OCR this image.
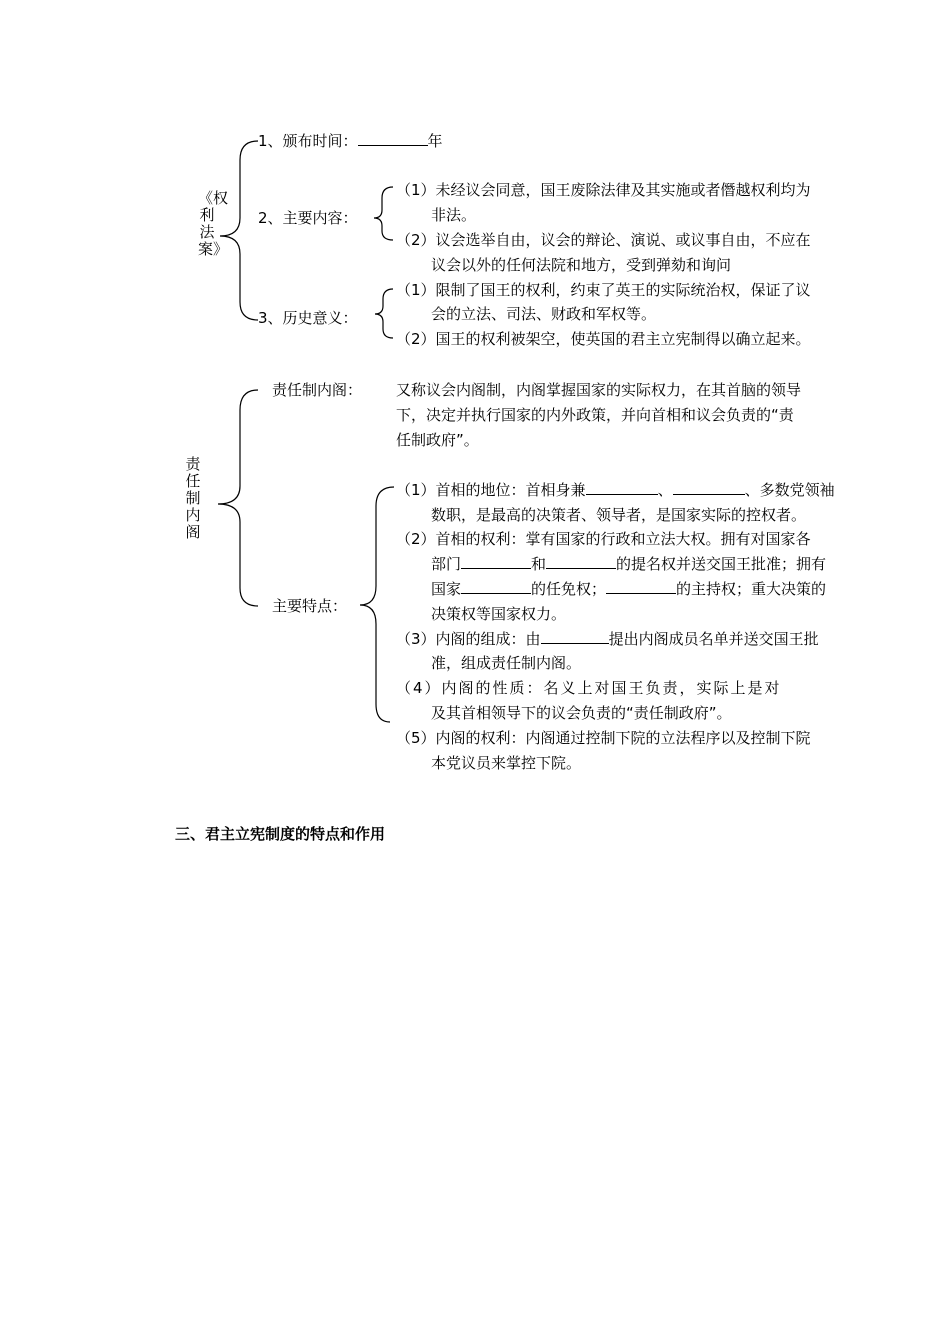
《权利法案》
1、颁布时间：	年
2、主要内容：
（1）未经议会同意，国王废除法律及其实施或者僭越权利均为
非法。
（2）议会选举自由，议会的辩论、演说、或议事自由，不应在
议会以外的任何法院和地方，受到弹劾和询问
3、历史意义：
（1）限制了国王的权利，约束了英王的实际统治权，保证了议
会的立法、司法、财政和军权等。
（2）国王的权利被架空，使英国的君主立宪制得以确立起来。
责任制内阁
责任制内阁： 又称议会内阁制，内阁掌握国家的实际权力，在其首脑的领导
下，决定并执行国家的内外政策，并向首相和议会负责的“责
任制政府”。
主要特点：
（1）首相的地位：首相身兼	、	、多数党领袖
数职，是最高的决策者、领导者，是国家实际的控权者。
（2）首相的权利：掌有国家的行政和立法大权。拥有对国家各
部门	和	的提名权并送交国王批准；拥有
国家	的任免权；	的主持权；重大决策的
决策权等国家权力。
（3）内阁的组成：由	提出内阁成员名单并送交国王批
准，组成责任制内阁。
（4）内阁的性质：名义上对国王负责，实际上是对
及其首相领导下的议会负责的“责任制政府”。
（5）内阁的权利：内阁通过控制下院的立法程序以及控制下院
本党议员来掌控下院。
三、君主立宪制度的特点和作用
